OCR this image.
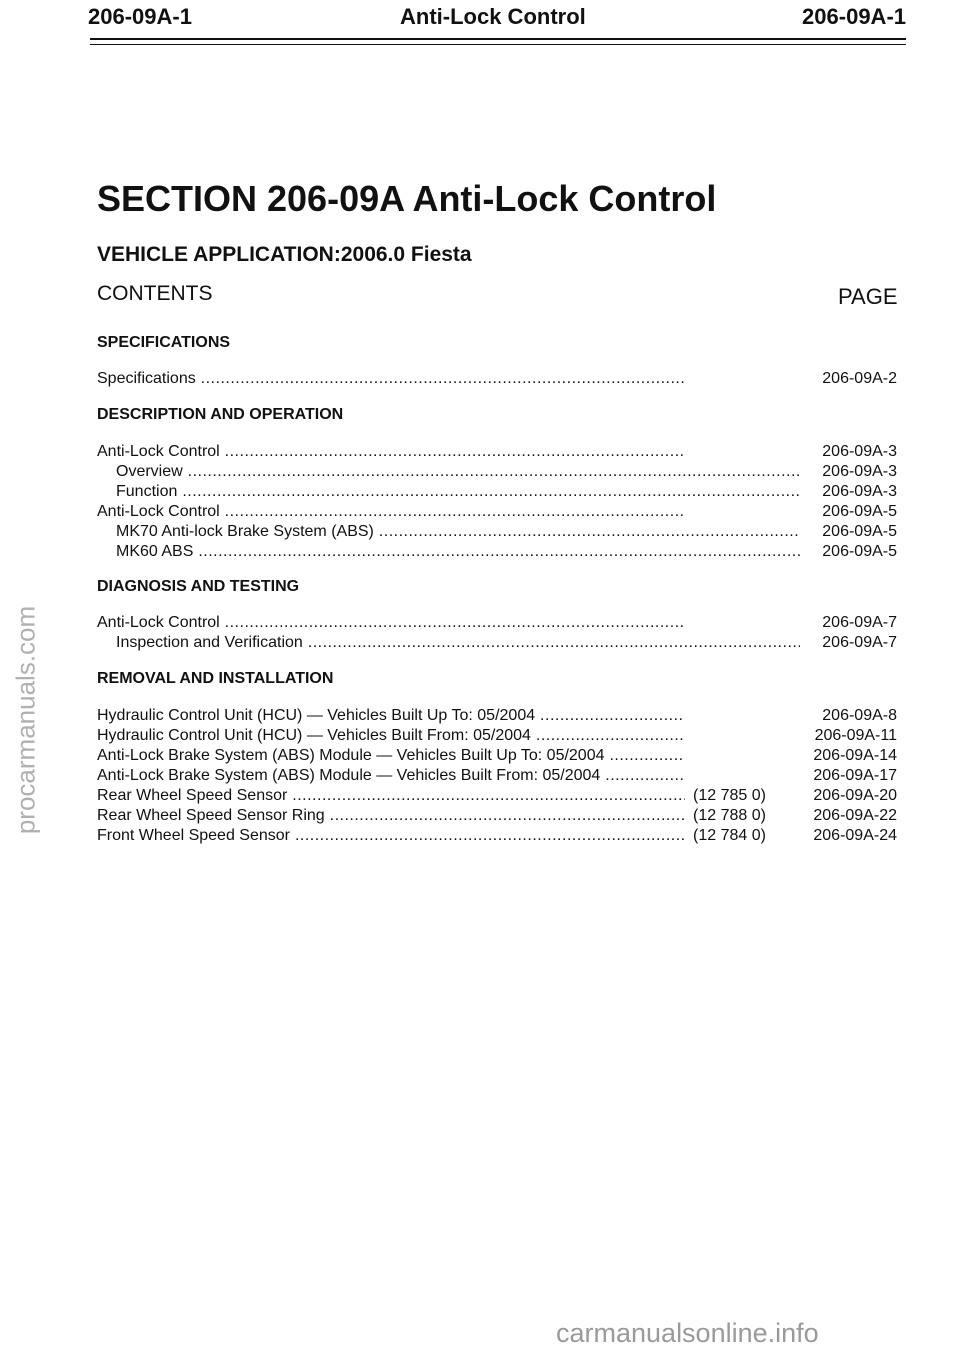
206-09A-1	Anti-Lock Control	206-09A-1
SECTION 206-09A Anti-Lock Control
VEHICLE APPLICATION:2006.0 Fiesta
CONTENTS	PAGE
SPECIFICATIONS
Specifications .....	206-09A-2
DESCRIPTION AND OPERATION
Anti-Lock Control .....	206-09A-3
Overview .....	206-09A-3
Function .....	206-09A-3
Anti-Lock Control .....	206-09A-5
MK70 Anti-lock Brake System (ABS) .....	206-09A-5
MK60 ABS .....	206-09A-5
DIAGNOSIS AND TESTING
Anti-Lock Control .....	206-09A-7
Inspection and Verification .....	206-09A-7
REMOVAL AND INSTALLATION
Hydraulic Control Unit (HCU) — Vehicles Built Up To: 05/2004 .....	206-09A-8
Hydraulic Control Unit (HCU) — Vehicles Built From: 05/2004 .....	206-09A-11
Anti-Lock Brake System (ABS) Module — Vehicles Built Up To: 05/2004 .....	206-09A-14
Anti-Lock Brake System (ABS) Module — Vehicles Built From: 05/2004 .....	206-09A-17
Rear Wheel Speed Sensor .....	(12 785 0)	206-09A-20
Rear Wheel Speed Sensor Ring .....	(12 788 0)	206-09A-22
Front Wheel Speed Sensor .....	(12 784 0)	206-09A-24
procarmanuals.com
carmanualsonline.info
